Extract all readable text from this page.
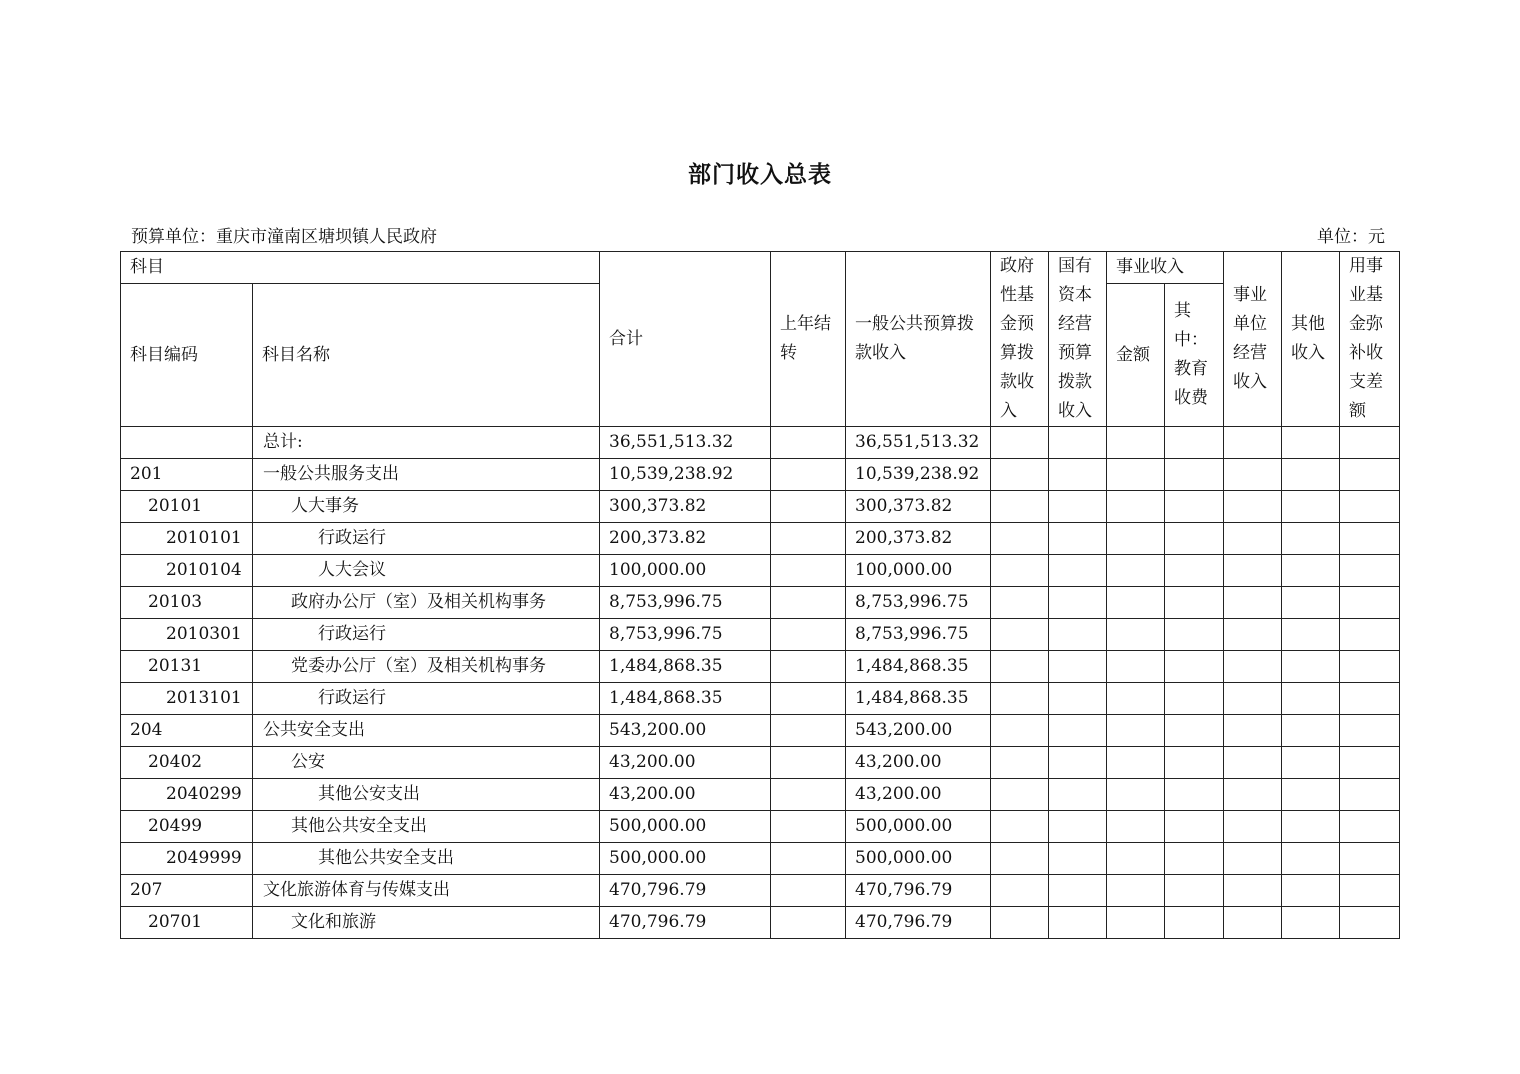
部门收入总表
预算单位：重庆市潼南区塘坝镇人民政府	单位：元
科目		合计	上年结转	一般公共预算拨款收入	政府性基金预算拨款收入	国有资本经营预算拨款收入	事业收入		事业单位经营收入	其他收入	用事业基金弥补收支差额
科目编码	科目名称						金额	其中：教育收费			
	总计:	36,551,513.32		36,551,513.32							
201	一般公共服务支出	10,539,238.92		10,539,238.92							
20101	人大事务	300,373.82		300,373.82							
2010101	行政运行	200,373.82		200,373.82							
2010104	人大会议	100,000.00		100,000.00							
20103	政府办公厅（室）及相关机构事务	8,753,996.75		8,753,996.75							
2010301	行政运行	8,753,996.75		8,753,996.75							
20131	党委办公厅（室）及相关机构事务	1,484,868.35		1,484,868.35							
2013101	行政运行	1,484,868.35		1,484,868.35							
204	公共安全支出	543,200.00		543,200.00							
20402	公安	43,200.00		43,200.00							
2040299	其他公安支出	43,200.00		43,200.00							
20499	其他公共安全支出	500,000.00		500,000.00							
2049999	其他公共安全支出	500,000.00		500,000.00							
207	文化旅游体育与传媒支出	470,796.79		470,796.79							
20701	文化和旅游	470,796.79		470,796.79							
